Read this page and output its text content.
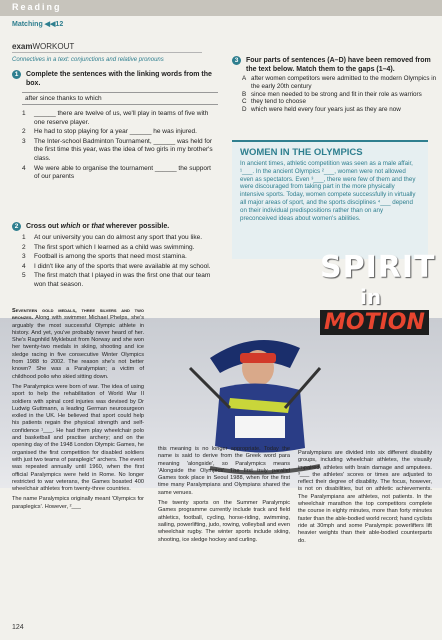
Reading
Matching ◀◀12
examWORKOUT
Connectives in a text: conjunctions and relative pronouns
1	Complete the sentences with the linking words from the box.
after since thanks to which
1 ______ there are twelve of us, we'll play in teams of five with one reserve player.
2 He had to stop playing for a year ______ he was injured.
3 The Inter-school Badminton Tournament, ______ was held for the first time this year, was the idea of two girls in my brother's class.
4 We were able to organise the tournament ______ the support of our parents
2	Cross out which or that wherever possible.
1 At our university you can do almost any sport that you like.
2 The first sport which I learned as a child was swimming.
3 Football is among the sports that need most stamina.
4 I didn't like any of the sports that were available at my school.
5 The first match that I played in was the first one that our team won that season.
3	Four parts of sentences (A–D) have been removed from the text below. Match them to the gaps (1–4).
A after women competitors were admitted to the modern Olympics in the early 20th century
B since men needed to be strong and fit in their role as warriors
C they tend to choose
D which were held every four years just as they are now
WOMEN IN THE OLYMPICS
In ancient times, athletic competition was seen as a male affair, ¹___. In the ancient Olympics ²___, women were not allowed even as spectators. Even ³___, there were few of them and they were discouraged from taking part in the more physically intensive sports. Today, women compete successfully in virtually all major areas of sport, and the sports disciplines ⁴___ depend on their individual predispositions rather than on any preconceived ideas about women's abilities.
SPIRIT
in
MOTION

Seventeen gold medals, three silvers and two bronzes. Along with swimmer Michael Phelps, she's arguably the most successful Olympic athlete in history. And yet, you've probably never heard of her. She's Ragnhild Myklebust from Norway and she won her twenty-two medals in skiing, shooting and ice sledge racing in five consecutive Winter Olympics from 1988 to 2002. The reason she's not better known? She was a Paralympian; a victim of childhood polio who skied sitting down.

The Paralympics were born of war. The idea of using sport to help the rehabilitation of World War II soldiers with spinal cord injuries was devised by Dr Ludwig Guttmann, a leading German neurosurgeon exiled in the UK. He believed that sport could help his patients regain the physical strength and self-confidence ¹___. He had them play wheelchair polo and basketball and practise archery; and on the opening day of the 1948 London Olympic Games, he organised the first competition for disabled soldiers with just two teams of paraplegic* archers. The event was repeated annually until 1960, when the first official Paralympics were held in Rome. No longer restricted to war veterans, the Games boasted 400 wheelchair athletes from twenty-three countries.

The name Paralympics originally meant 'Olympics for paraplegics'. However, ²___

this meaning is no longer appropriate. Today the name is said to derive from the Greek word para meaning 'alongside', so Paralympics means 'Alongside the Olympics'. The first truly parallel Games took place in Seoul 1988, when for the first time many Paralympians and Olympians shared the same venues.

The twenty sports on the Summer Paralympic Games programme currently include track and field athletics, football, cycling, horse-riding, swimming, sailing, powerlifting, judo, rowing, volleyball and even wheelchair rugby. The winter sports include skiing, shooting, ice sledge hockey and curling.

Paralympians are divided into six different disability groups, including wheelchair athletes, the visually impaired, athletes with brain damage and amputees. ³___ the athletes' scores or times are adjusted to reflect their degree of disability. The focus, however, is not on disabilities, but on athletic achievements. The Paralympians are athletes, not patients. In the wheelchair marathon the top competitors complete the course in eighty minutes, more than forty minutes faster than the able-bodied world record; hand cyclists ride at 30mph and some Paralympic powerlifters lift heavier weights than their able-bodied counterparts do.

124
